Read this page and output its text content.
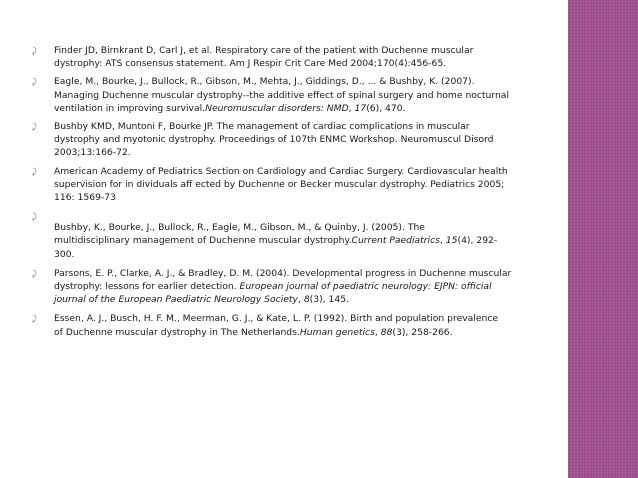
⤸ Finder JD, Birnkrant D, Carl J, et al. Respiratory care of the patient with Duchenne muscular
dystrophy: ATS consensus statement. Am J Respir Crit Care Med 2004;170(4):456-65.
⤸ Eagle, M., Bourke, J., Bullock, R., Gibson, M., Mehta, J., Giddings, D., ... & Bushby, K. (2007).
Managing Duchenne muscular dystrophy--the additive effect of spinal surgery and home nocturnal
ventilation in improving survival.Neuromuscular disorders: NMD, 17(6), 470.
⤸ Bushby KMD, Muntoni F, Bourke JP. The management of cardiac complications in muscular
dystrophy and myotonic dystrophy. Proceedings of 107th ENMC Workshop. Neuromuscul Disord
2003;13:166-72.
⤸ American Academy of Pediatrics Section on Cardiology and Cardiac Surgery. Cardiovascular health
supervision for in dividuals aff ected by Duchenne or Becker muscular dystrophy. Pediatrics 2005;
116: 1569-73
⤸
Bushby, K., Bourke, J., Bullock, R., Eagle, M., Gibson, M., & Quinby, J. (2005). The
multidisciplinary management of Duchenne muscular dystrophy.Current Paediatrics, 15(4), 292-
300.
⤸ Parsons, E. P., Clarke, A. J., & Bradley, D. M. (2004). Developmental progress in Duchenne muscular
dystrophy: lessons for earlier detection. European journal of paediatric neurology: EJPN: official
journal of the European Paediatric Neurology Society, 8(3), 145.
⤸ Essen, A. J., Busch, H. F. M., Meerman, G. J., & Kate, L. P. (1992). Birth and population prevalence
of Duchenne muscular dystrophy in The Netherlands.Human genetics, 88(3), 258-266.
